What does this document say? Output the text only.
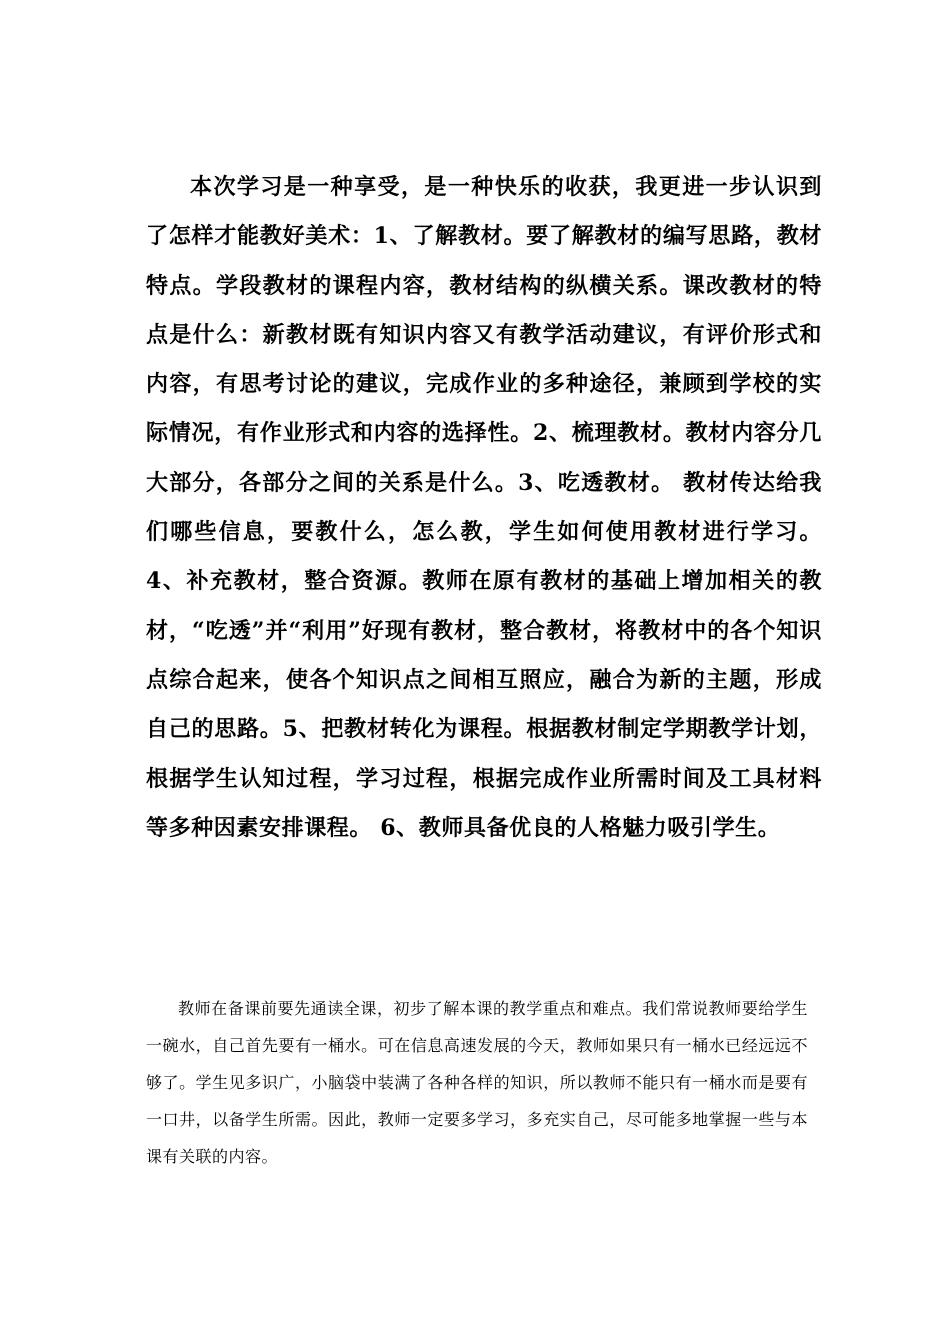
本次学习是一种享受，是一种快乐的收获，我更进一步认识到了怎样才能教好美术：1、了解教材。要了解教材的编写思路，教材特点。学段教材的课程内容，教材结构的纵横关系。课改教材的特点是什么：新教材既有知识内容又有教学活动建议，有评价形式和内容，有思考讨论的建议，完成作业的多种途径，兼顾到学校的实际情况，有作业形式和内容的选择性。2、梳理教材。教材内容分几大部分，各部分之间的关系是什么。3、吃透教材。 教材传达给我们哪些信息，要教什么，怎么教，学生如何使用教材进行学习。 4、补充教材，整合资源。教师在原有教材的基础上增加相关的教材，“吃透”并“利用”好现有教材，整合教材，将教材中的各个知识点综合起来，使各个知识点之间相互照应，融合为新的主题，形成自己的思路。5、把教材转化为课程。根据教材制定学期教学计划，根据学生认知过程，学习过程，根据完成作业所需时间及工具材料等多种因素安排课程。 6、教师具备优良的人格魅力吸引学生。

教师在备课前要先通读全课，初步了解本课的教学重点和难点。我们常说教师要给学生一碗水，自己首先要有一桶水。可在信息高速发展的今天，教师如果只有一桶水已经远远不够了。学生见多识广，小脑袋中装满了各种各样的知识，所以教师不能只有一桶水而是要有一口井，以备学生所需。因此，教师一定要多学习，多充实自己，尽可能多地掌握一些与本课有关联的内容。
